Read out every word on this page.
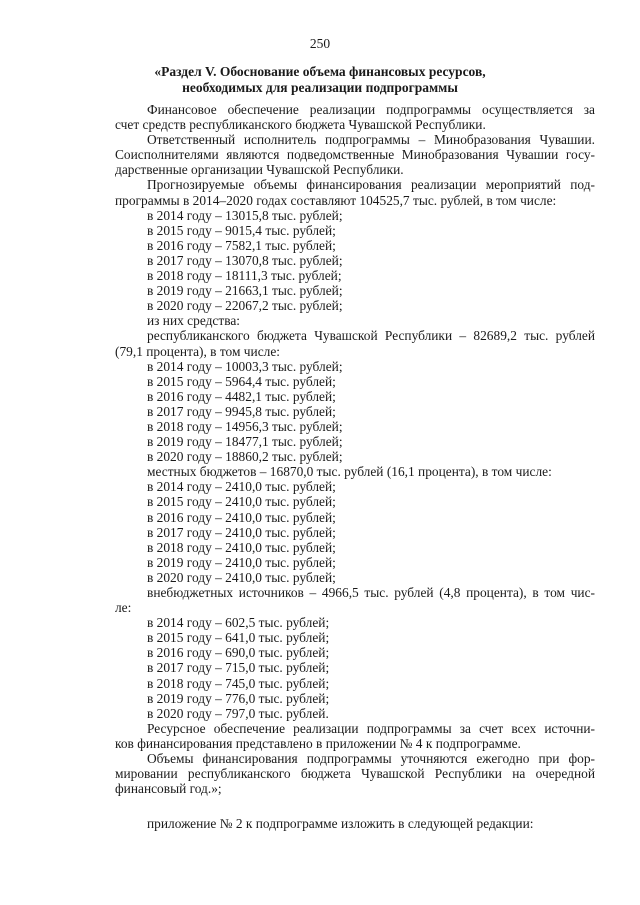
250
«Раздел V. Обоснование объема финансовых ресурсов,
необходимых для реализации подпрограммы

Финансовое обеспечение реализации подпрограммы осуществляется за

счет средств республиканского бюджета Чувашской Республики.

Ответственный исполнитель подпрограммы – Минобразования Чувашии.

Соисполнителями являются подведомственные Минобразования Чувашии госу-

дарственные организации Чувашской Республики.

Прогнозируемые объемы финансирования реализации мероприятий под-

программы в 2014–2020 годах составляют 104525,7 тыс. рублей, в том числе:

в 2014 году – 13015,8 тыс. рублей;

в 2015 году – 9015,4 тыс. рублей;

в 2016 году – 7582,1 тыс. рублей;

в 2017 году – 13070,8 тыс. рублей;

в 2018 году – 18111,3 тыс. рублей;

в 2019 году – 21663,1 тыс. рублей;

в 2020 году – 22067,2 тыс. рублей;

из них средства:

республиканского бюджета Чувашской Республики – 82689,2 тыс. рублей

(79,1 процента), в том числе:

в 2014 году – 10003,3 тыс. рублей;

в 2015 году – 5964,4 тыс. рублей;

в 2016 году – 4482,1 тыс. рублей;

в 2017 году – 9945,8 тыс. рублей;

в 2018 году – 14956,3 тыс. рублей;

в 2019 году – 18477,1 тыс. рублей;

в 2020 году – 18860,2 тыс. рублей;

местных бюджетов – 16870,0 тыс. рублей (16,1 процента), в том числе:

в 2014 году – 2410,0 тыс. рублей;

в 2015 году – 2410,0 тыс. рублей;

в 2016 году – 2410,0 тыс. рублей;

в 2017 году – 2410,0 тыс. рублей;

в 2018 году – 2410,0 тыс. рублей;

в 2019 году – 2410,0 тыс. рублей;

в 2020 году – 2410,0 тыс. рублей;

внебюджетных источников – 4966,5 тыс. рублей (4,8 процента), в том чис-

ле:

в 2014 году – 602,5 тыс. рублей;

в 2015 году – 641,0 тыс. рублей;

в 2016 году – 690,0 тыс. рублей;

в 2017 году – 715,0 тыс. рублей;

в 2018 году – 745,0 тыс. рублей;

в 2019 году – 776,0 тыс. рублей;

в 2020 году – 797,0 тыс. рублей.

Ресурсное обеспечение реализации подпрограммы за счет всех источни-

ков финансирования представлено в приложении № 4 к подпрограмме.

Объемы финансирования подпрограммы уточняются ежегодно при фор-

мировании республиканского бюджета Чувашской Республики на очередной

финансовый год.»;

приложение № 2 к подпрограмме изложить в следующей редакции:
